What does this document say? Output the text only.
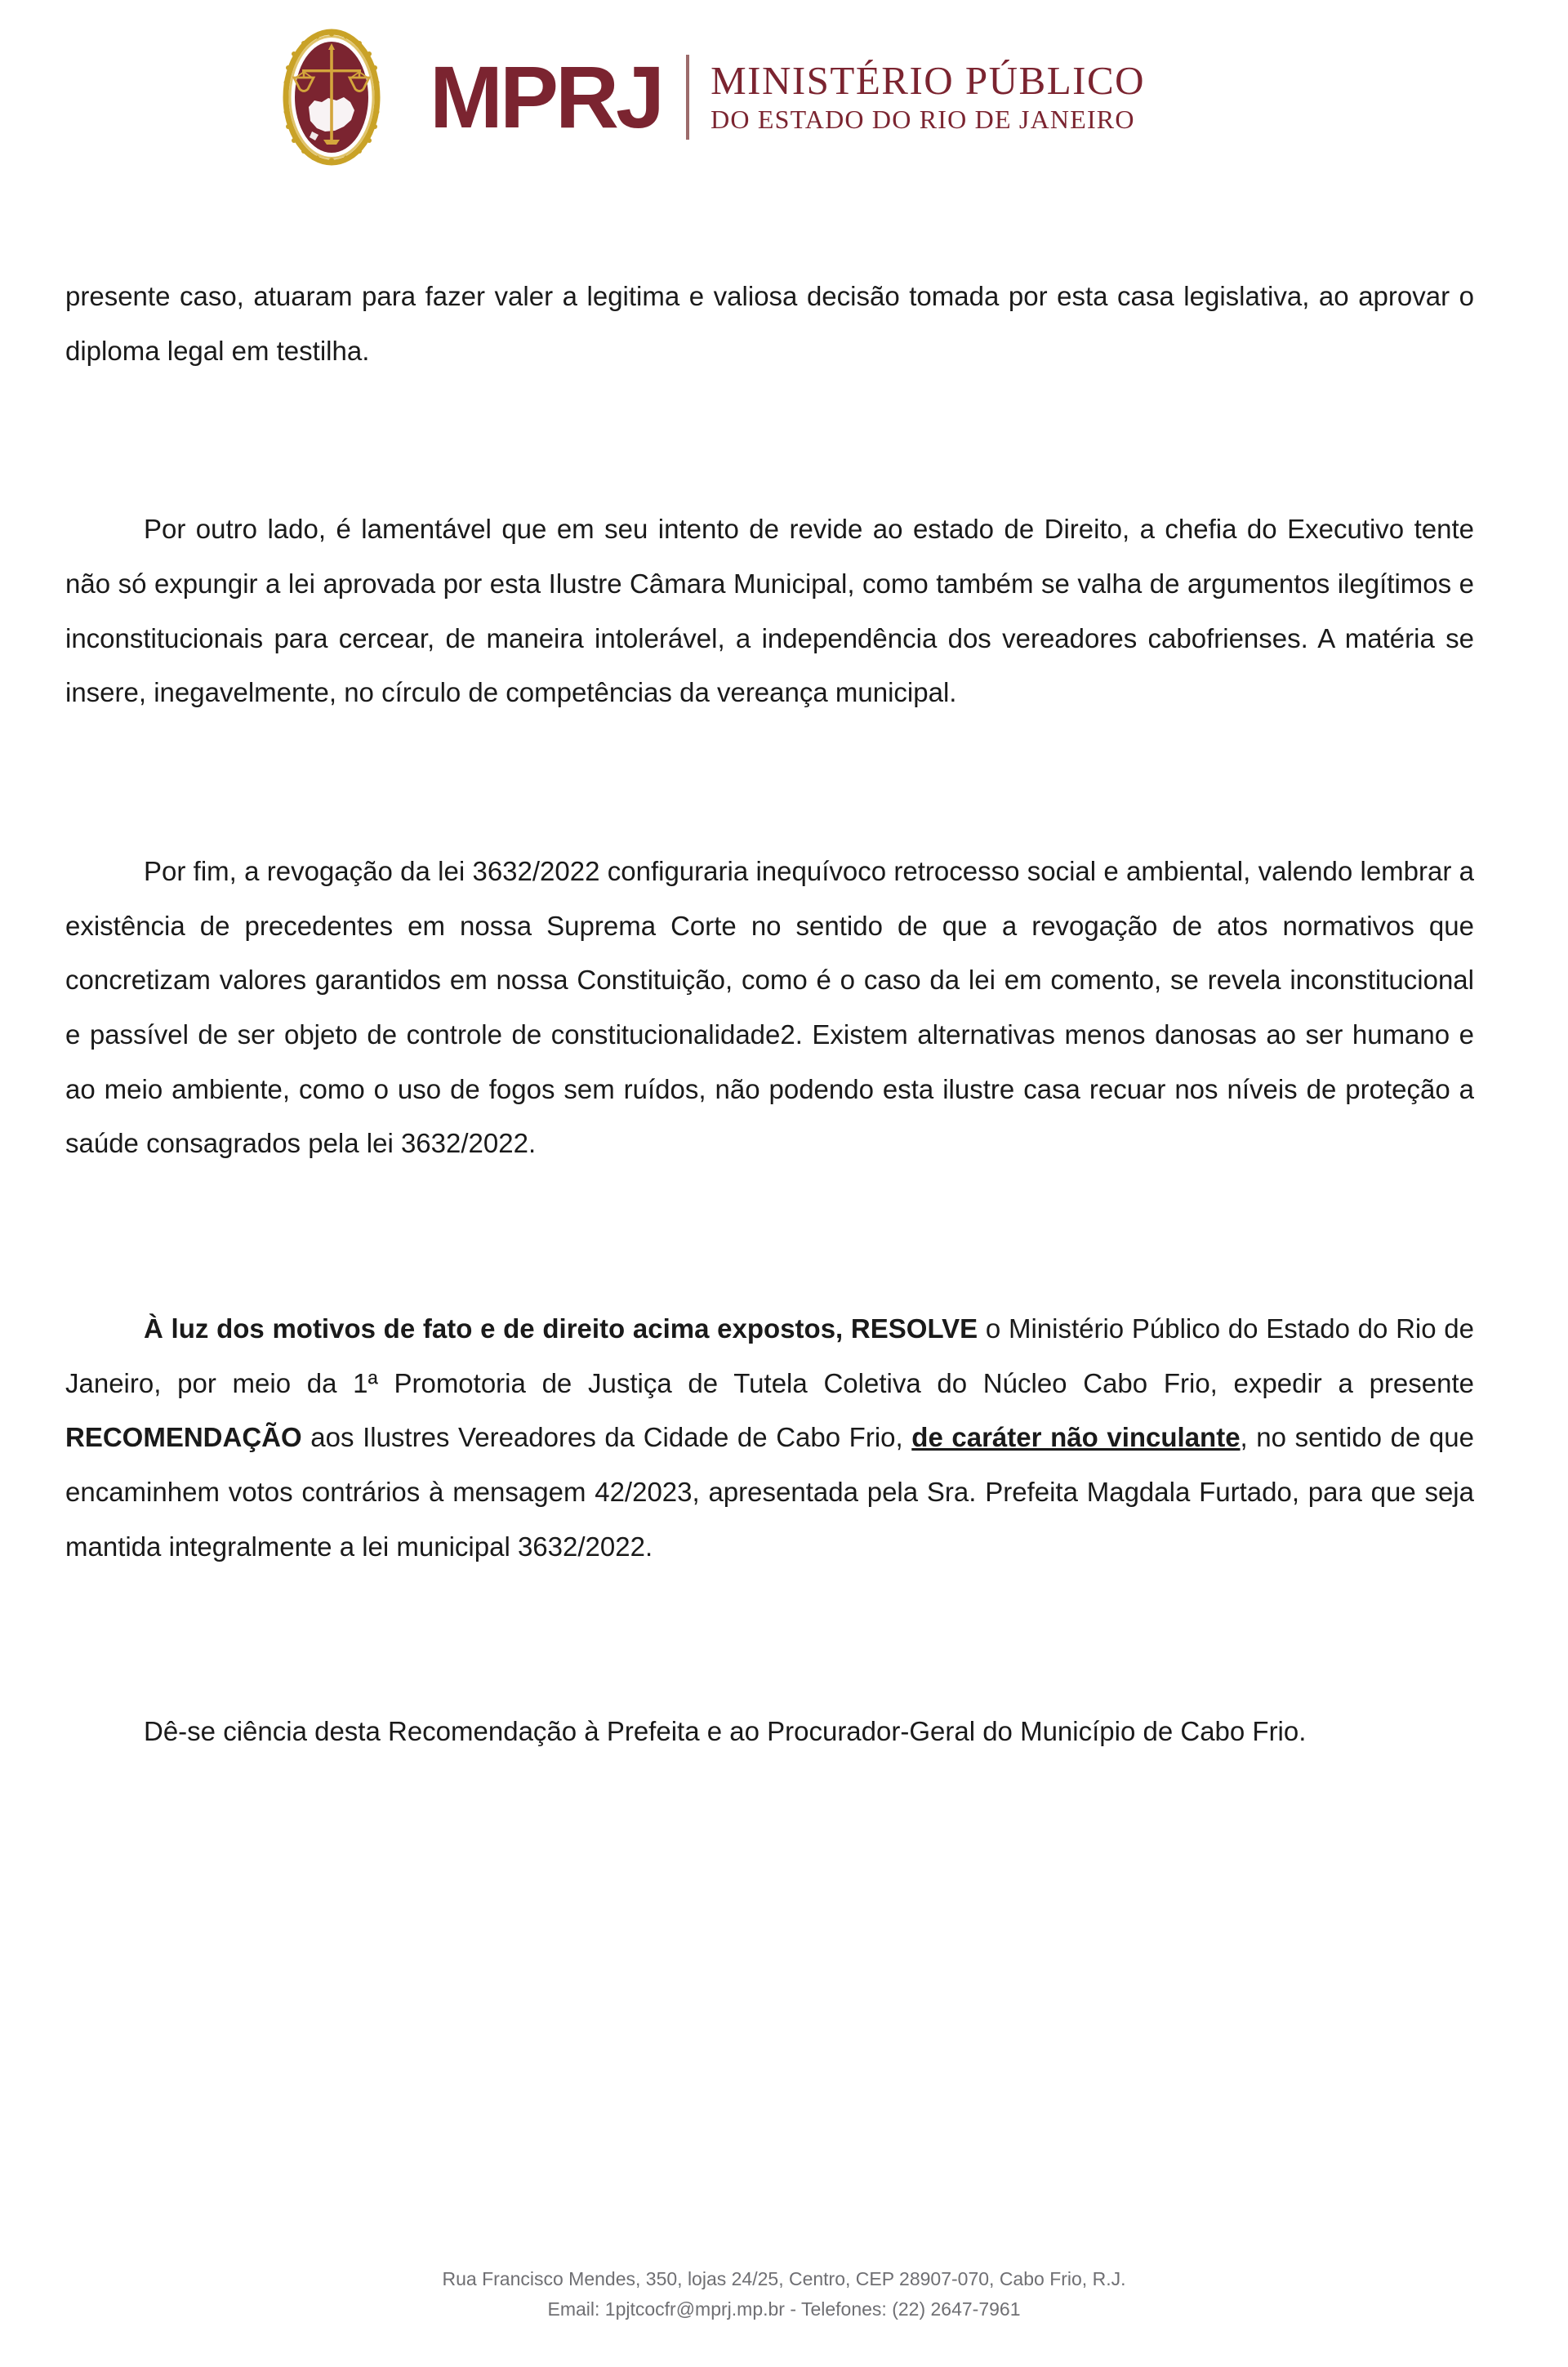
MPRJ MINISTÉRIO PÚBLICO
DO ESTADO DO RIO DE JANEIRO

presente caso, atuaram para fazer valer a legitima e valiosa decisão tomada por esta casa legislativa, ao aprovar o diploma legal em testilha.

Por outro lado, é lamentável que em seu intento de revide ao estado de Direito, a chefia do Executivo tente não só expungir a lei aprovada por esta Ilustre Câmara Municipal, como também se valha de argumentos ilegítimos e inconstitucionais para cercear, de maneira intolerável, a independência dos vereadores cabofrienses. A matéria se insere, inegavelmente, no círculo de competências da vereança municipal.

Por fim, a revogação da lei 3632/2022 configuraria inequívoco retrocesso social e ambiental, valendo lembrar a existência de precedentes em nossa Suprema Corte no sentido de que a revogação de atos normativos que concretizam valores garantidos em nossa Constituição, como é o caso da lei em comento, se revela inconstitucional e passível de ser objeto de controle de constitucionalidade2. Existem alternativas menos danosas ao ser humano e ao meio ambiente, como o uso de fogos sem ruídos, não podendo esta ilustre casa recuar nos níveis de proteção a saúde consagrados pela lei 3632/2022.

À luz dos motivos de fato e de direito acima expostos, RESOLVE o Ministério Público do Estado do Rio de Janeiro, por meio da 1ª Promotoria de Justiça de Tutela Coletiva do Núcleo Cabo Frio, expedir a presente RECOMENDAÇÃO aos Ilustres Vereadores da Cidade de Cabo Frio, de caráter não vinculante, no sentido de que encaminhem votos contrários à mensagem 42/2023, apresentada pela Sra. Prefeita Magdala Furtado, para que seja mantida integralmente a lei municipal 3632/2022.

Dê-se ciência desta Recomendação à Prefeita e ao Procurador-Geral do Município de Cabo Frio.

Rua Francisco Mendes, 350, lojas 24/25, Centro, CEP 28907-070, Cabo Frio, R.J.
Email: 1pjtcocfr@mprj.mp.br - Telefones: (22) 2647-7961
